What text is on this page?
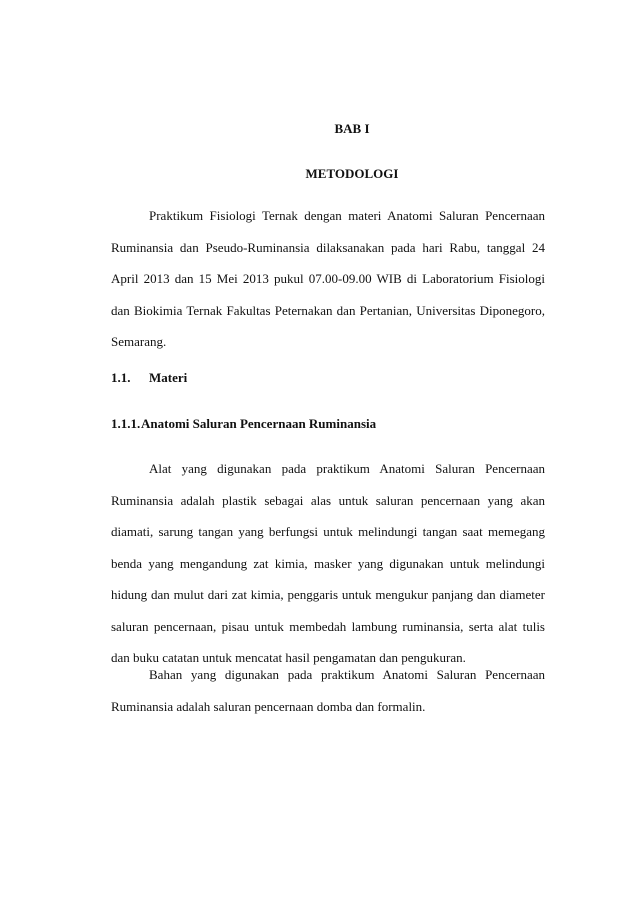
BAB I
METODOLOGI

Praktikum Fisiologi Ternak dengan materi Anatomi Saluran Pencernaan Ruminansia dan Pseudo-Ruminansia dilaksanakan pada hari Rabu, tanggal 24 April 2013 dan 15 Mei 2013 pukul 07.00-09.00 WIB di Laboratorium Fisiologi dan Biokimia Ternak Fakultas Peternakan dan Pertanian, Universitas Diponegoro, Semarang.

1.1. Materi
1.1.1.Anatomi Saluran Pencernaan Ruminansia

Alat yang digunakan pada praktikum Anatomi Saluran Pencernaan Ruminansia adalah plastik sebagai alas untuk saluran pencernaan yang akan diamati, sarung tangan yang berfungsi untuk melindungi tangan saat memegang benda yang mengandung zat kimia, masker yang digunakan untuk melindungi hidung dan mulut dari zat kimia, penggaris untuk mengukur panjang dan diameter saluran pencernaan, pisau untuk membedah lambung ruminansia, serta alat tulis dan buku catatan untuk mencatat hasil pengamatan dan pengukuran.

Bahan yang digunakan pada praktikum Anatomi Saluran Pencernaan Ruminansia adalah saluran pencernaan domba dan formalin.
